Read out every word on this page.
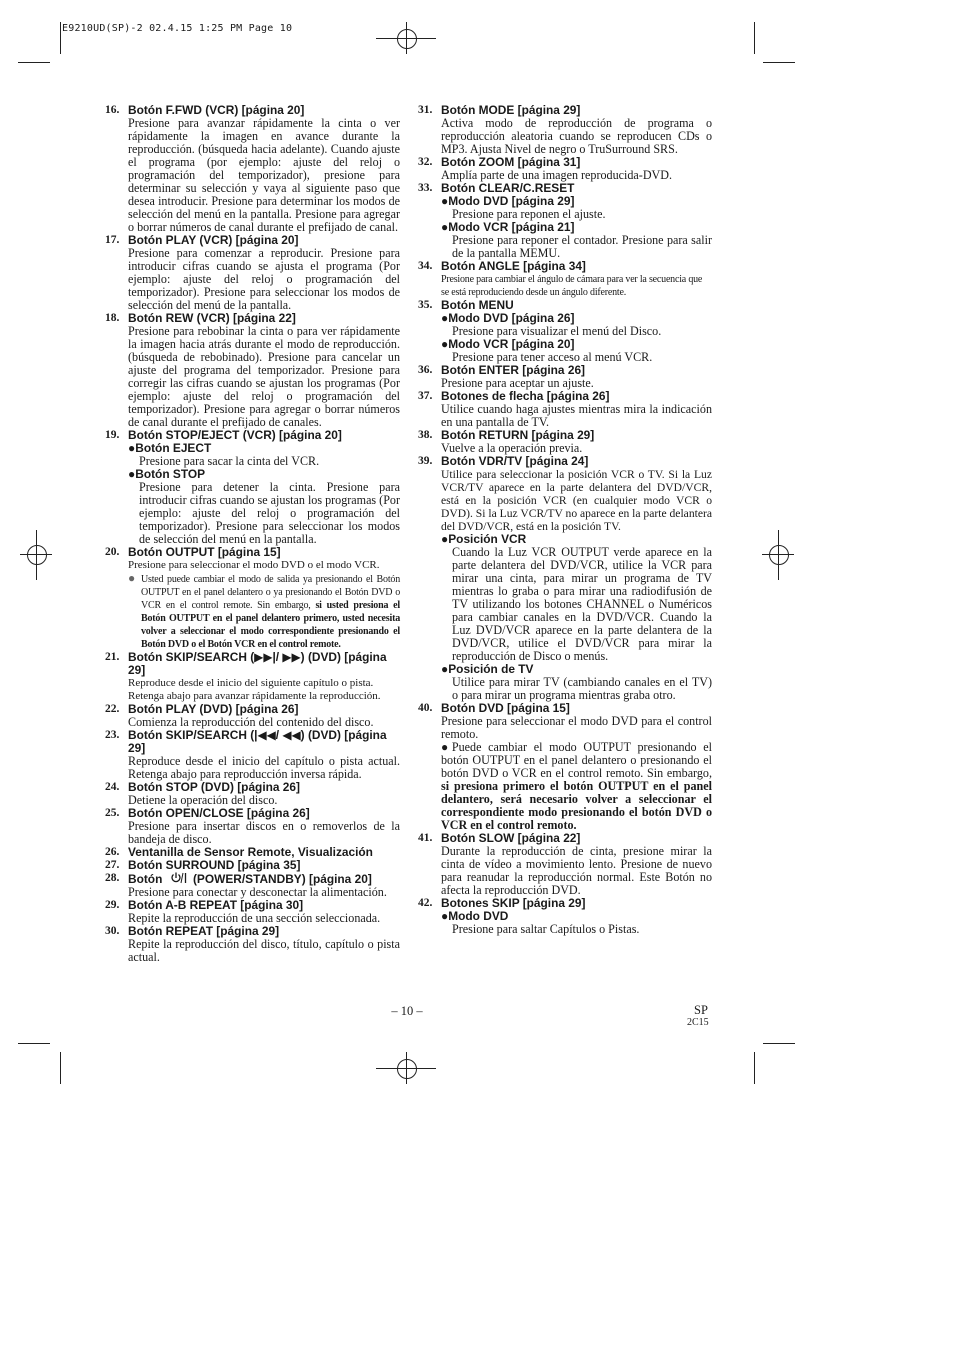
E9210UD(SP)-2 02.4.15 1:25 PM Page 10
16. Botón F.FWD (VCR) [página 20]
Presione para avanzar rápidamente la cinta o ver rápidamente la imagen en avance durante la reproducción. (búsqueda hacia adelante). Cuando ajuste el programa (por ejemplo: ajuste del reloj o programación del temporizador), presione para determinar su selección y vaya al siguiente paso que desea introducir. Presione para determinar los modos de selección del menú en la pantalla. Presione para agregar o borrar números de canal durante el prefijado de canal.
17. Botón PLAY (VCR) [página 20]
Presione para comenzar a reproducir. Presione para introducir cifras cuando se ajusta el programa (Por ejemplo: ajuste del reloj o programación del temporizador). Presione para seleccionar los modos de selección del menú de la pantalla.
18. Botón REW (VCR) [página 22]
Presione para rebobinar la cinta o para ver rápidamente la imagen hacia atrás durante el modo de reproducción. (búsqueda de rebobinado). Presione para cancelar un ajuste del programa del temporizador. Presione para corregir las cifras cuando se ajustan los programas (Por ejemplo: ajuste del reloj o programación del temporizador). Presione para agregar o borrar números de canal durante el prefijado de canales.
19. Botón STOP/EJECT (VCR) [página 20]
●Botón EJECT
Presione para sacar la cinta del VCR.
●Botón STOP
Presione para detener la cinta. Presione para introducir cifras cuando se ajustan los programas (Por ejemplo: ajuste del reloj o programación del temporizador). Presione para seleccionar los modos de selección del menú en la pantalla.
20. Botón OUTPUT [página 15]
Presione para seleccionar el modo DVD o el modo VCR.
● Usted puede cambiar el modo de salida ya presionando el Botón OUTPUT en el panel delantero o ya presionando el Botón DVD o VCR en el control remote. Sin embargo, si usted presiona el Botón OUTPUT en el panel delantero primero, usted necesita volver a seleccionar el modo correspondiente presionando el Botón DVD o el Botón VCR en el control remote.
21. Botón SKIP/SEARCH (▶▶|/ ▶▶) (DVD) [página 29]
Reproduce desde el inicio del siguiente capítulo o pista. Retenga abajo para avanzar rápidamente la reproducción.
22. Botón PLAY (DVD) [página 26]
Comienza la reproducción del contenido del disco.
23. Botón SKIP/SEARCH (|◀◀/ ◀◀) (DVD) [página 29]
Reproduce desde el inicio del capítulo o pista actual. Retenga abajo para reproducción inversa rápida.
24. Botón STOP (DVD) [página 26]
Detiene la operación del disco.
25. Botón OPEN/CLOSE [página 26]
Presione para insertar discos en o removerlos de la bandeja de disco.
26. Ventanilla de Sensor Remote, Visualización
27. Botón SURROUND [página 35]
28. Botón	(POWER/STANDBY) [página 20]
Presione para conectar y desconectar la alimentación.
29. Botón A-B REPEAT [página 30]
Repite la reproducción de una sección seleccionada.
30. Botón REPEAT [página 29]
Repite la reproducción del disco, título, capítulo o pista actual.
31. Botón MODE [página 29]
Activa modo de reproducción de programa o reproducción aleatoria cuando se reproducen CDs o MP3. Ajusta Nivel de negro o TruSurround SRS.
32. Botón ZOOM [página 31]
Amplía parte de una imagen reproducida-DVD.
33. Botón CLEAR/C.RESET
●Modo DVD [página 29]
Presione para reponen el ajuste.
●Modo VCR [página 21]
Presione para reponer el contador. Presione para salir de la pantalla MEMU.
34. Botón ANGLE [página 34]
Presione para cambiar el ángulo de cámara para ver la secuencia que se está reproduciendo desde un ángulo diferente.
35. Botón MENU
●Modo DVD [página 26]
Presione para visualizar el menú del Disco.
●Modo VCR [página 20]
Presione para tener acceso al menú VCR.
36. Botón ENTER [página 26]
Presione para aceptar un ajuste.
37. Botones de flecha [página 26]
Utilice cuando haga ajustes mientras mira la indicación en una pantalla de TV.
38. Botón RETURN [página 29]
Vuelve a la operación previa.
39. Botón VDR/TV [página 24]
Utilice para seleccionar la posición VCR o TV. Si la Luz VCR/TV aparece en la parte delantera del DVD/VCR, está en la posición VCR (en cualquier modo VCR o DVD). Si la Luz VCR/TV no aparece en la parte delantera del DVD/VCR, está en la posición TV.
●Posición VCR
Cuando la Luz VCR OUTPUT verde aparece en la parte delantera del DVD/VCR, utilice la VCR para mirar una cinta, para mirar un programa de TV mientras lo graba o para mirar una radiodifusión de TV utilizando los botones CHANNEL o Numéricos para cambiar canales en la DVD/VCR. Cuando la Luz DVD/VCR aparece en la parte delantera de la DVD/VCR, utilice el DVD/VCR para mirar la reproducción de Disco o menús.
●Posición de TV
Utilice para mirar TV (cambiando canales en el TV) o para mirar un programa mientras graba otro.
40. Botón DVD [página 15]
Presione para seleccionar el modo DVD para el control remoto.
●Puede cambiar el modo OUTPUT presionando el botón OUTPUT en el panel delantero o presionando el botón DVD o VCR en el control remoto. Sin embargo, si presiona primero el botón OUTPUT en el panel delantero, será necesario volver a seleccionar el correspondiente modo presionando el botón DVD o VCR en el control remoto.
41. Botón SLOW [página 22]
Durante la reproducción de cinta, presione mirar la cinta de vídeo a movimiento lento. Presione de nuevo para reanudar la reproducción normal. Este Botón no afecta la reproducción DVD.
42. Botones SKIP [página 29]
●Modo DVD
Presione para saltar Capítulos o Pistas.
– 10 –	SP
2C15
